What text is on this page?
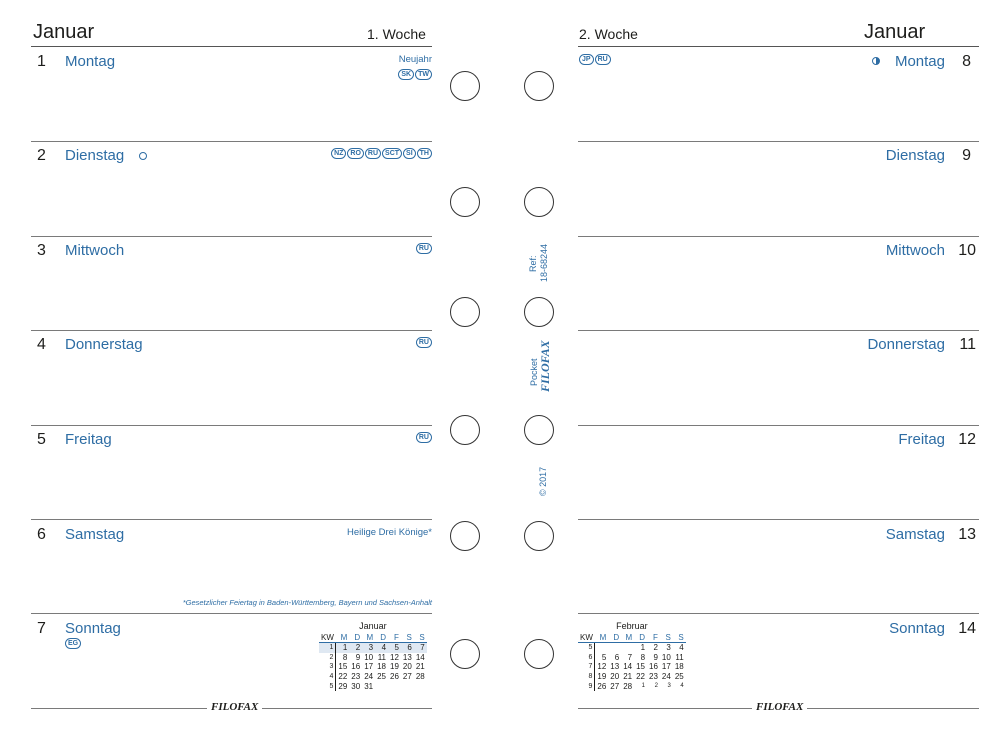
Januar	1. Woche	2. Woche	Januar
1 Montag	Neujahr
SK	TW
2 Dienstag	NZ	RO	RU	SCT	SI	TH
3 Mittwoch	RU
4 Donnerstag	RU
5 Freitag	RU
6 Samstag	Heilige Drei Könige*
*Gesetzlicher Feiertag in Baden-Württemberg, Bayern und Sachsen-Anhalt
7 Sonntag
EG
Januar
KW	M	D	M	D	F	S	S
1	1	2	3	4	5	6	7
2	8	9	10	11	12	13	14
3	15	16	17	18	19	20	21
4	22	23	24	25	26	27	28
5	29	30	31				
JP	RU	Montag 8
Dienstag 9
Mittwoch 10
Donnerstag 11
Freitag 12
Samstag 13
Sonntag 14
Februar
KW	M	D	M	D	F	S	S
5				1	2	3	4
6	5	6	7	8	9	10	11
7	12	13	14	15	16	17	18
8	19	20	21	22	23	24	25
9	26	27	28	1	2	3	4
FILOFAX	FILOFAX
Ref: 18-68244
Pocket FILOFAX
© 2017
